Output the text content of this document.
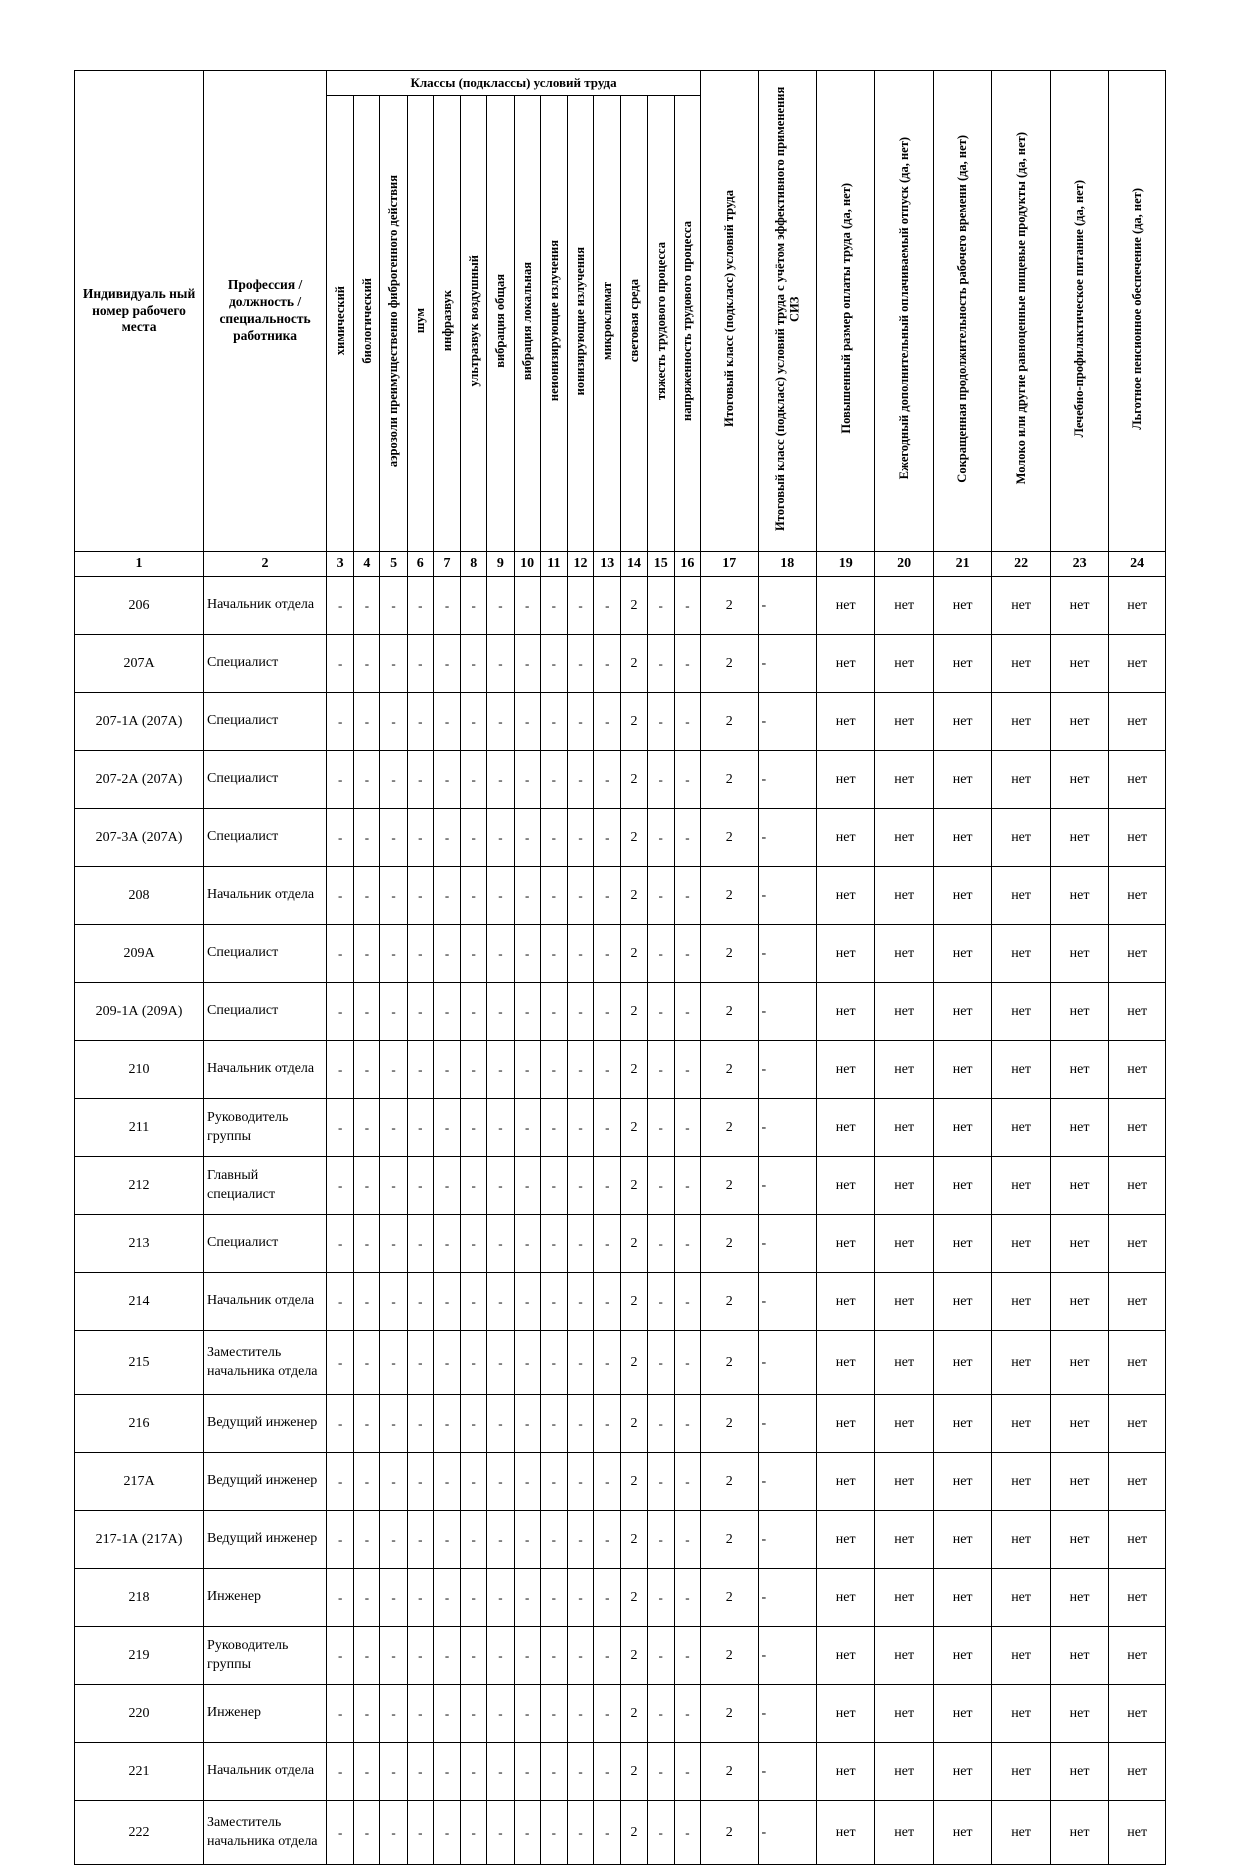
Индивидуаль ный номер рабочего места	Профессия / должность / специальность работника	Классы (подклассы) условий труда														Итоговый класс (подкласс) условий труда	Итоговый класс (подкласс) условий труда с учётом эффективного применения СИЗ	Повышенный размер оплаты труда (да, нет)	Ежегодный дополнительный оплачиваемый отпуск (да, нет)	Сокращенная продолжительность рабочего времени (да, нет)	Молоко или другие равноценные пищевые продукты (да, нет)	Лечебно-профилактическое питание (да, нет)	Льготное пенсионное обеспечение (да, нет)
		химический	биологический	аэрозоли преимущественно фиброгенного действия	шум	инфразвук	ультразвук воздушный	вибрация общая	вибрация локальная	неионизирующие излучения	ионизирующие излучения	микроклимат	световая среда	тяжесть трудового процесса	напряженность трудового процесса								
1	2	3	4	5	6	7	8	9	10	11	12	13	14	15	16	17	18	19	20	21	22	23	24
206	Начальник отдела	-	-	-	-	-	-	-	-	-	-	-	2	-	-	2	-	нет	нет	нет	нет	нет	нет
207А	Специалист	-	-	-	-	-	-	-	-	-	-	-	2	-	-	2	-	нет	нет	нет	нет	нет	нет
207-1А (207А)	Специалист	-	-	-	-	-	-	-	-	-	-	-	2	-	-	2	-	нет	нет	нет	нет	нет	нет
207-2А (207А)	Специалист	-	-	-	-	-	-	-	-	-	-	-	2	-	-	2	-	нет	нет	нет	нет	нет	нет
207-3А (207А)	Специалист	-	-	-	-	-	-	-	-	-	-	-	2	-	-	2	-	нет	нет	нет	нет	нет	нет
208	Начальник отдела	-	-	-	-	-	-	-	-	-	-	-	2	-	-	2	-	нет	нет	нет	нет	нет	нет
209А	Специалист	-	-	-	-	-	-	-	-	-	-	-	2	-	-	2	-	нет	нет	нет	нет	нет	нет
209-1А (209А)	Специалист	-	-	-	-	-	-	-	-	-	-	-	2	-	-	2	-	нет	нет	нет	нет	нет	нет
210	Начальник отдела	-	-	-	-	-	-	-	-	-	-	-	2	-	-	2	-	нет	нет	нет	нет	нет	нет
211	Руководитель группы	-	-	-	-	-	-	-	-	-	-	-	2	-	-	2	-	нет	нет	нет	нет	нет	нет
212	Главный специалист	-	-	-	-	-	-	-	-	-	-	-	2	-	-	2	-	нет	нет	нет	нет	нет	нет
213	Специалист	-	-	-	-	-	-	-	-	-	-	-	2	-	-	2	-	нет	нет	нет	нет	нет	нет
214	Начальник отдела	-	-	-	-	-	-	-	-	-	-	-	2	-	-	2	-	нет	нет	нет	нет	нет	нет
215	Заместитель начальника отдела	-	-	-	-	-	-	-	-	-	-	-	2	-	-	2	-	нет	нет	нет	нет	нет	нет
216	Ведущий инженер	-	-	-	-	-	-	-	-	-	-	-	2	-	-	2	-	нет	нет	нет	нет	нет	нет
217А	Ведущий инженер	-	-	-	-	-	-	-	-	-	-	-	2	-	-	2	-	нет	нет	нет	нет	нет	нет
217-1А (217А)	Ведущий инженер	-	-	-	-	-	-	-	-	-	-	-	2	-	-	2	-	нет	нет	нет	нет	нет	нет
218	Инженер	-	-	-	-	-	-	-	-	-	-	-	2	-	-	2	-	нет	нет	нет	нет	нет	нет
219	Руководитель группы	-	-	-	-	-	-	-	-	-	-	-	2	-	-	2	-	нет	нет	нет	нет	нет	нет
220	Инженер	-	-	-	-	-	-	-	-	-	-	-	2	-	-	2	-	нет	нет	нет	нет	нет	нет
221	Начальник отдела	-	-	-	-	-	-	-	-	-	-	-	2	-	-	2	-	нет	нет	нет	нет	нет	нет
222	Заместитель начальника отдела	-	-	-	-	-	-	-	-	-	-	-	2	-	-	2	-	нет	нет	нет	нет	нет	нет
